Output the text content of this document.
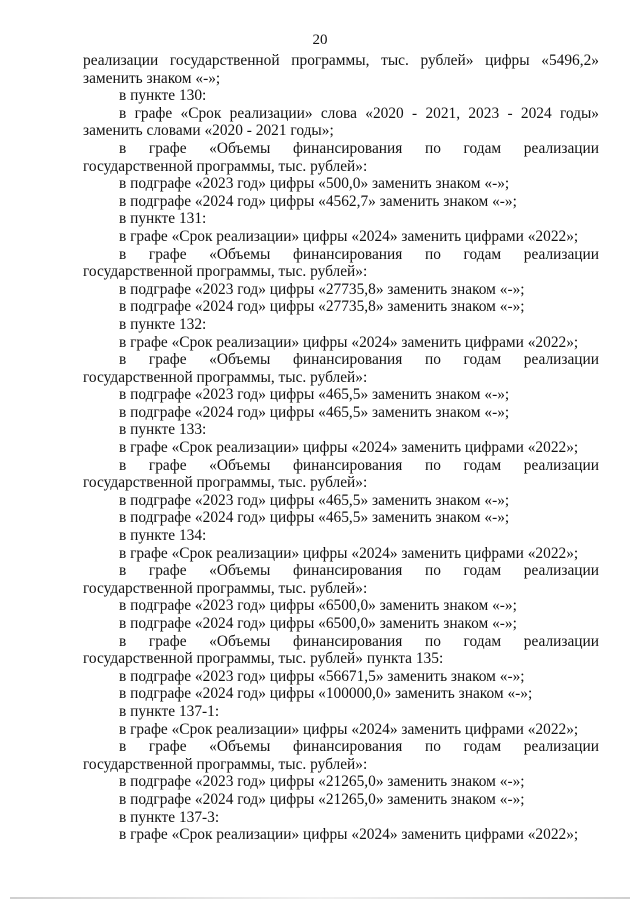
20

реализации государственной программы, тыс. рублей» цифры «5496,2» заменить знаком «-»;

в пункте 130:

в графе «Срок реализации» слова «2020 - 2021, 2023 - 2024 годы» заменить словами «2020 - 2021 годы»;

в графе «Объемы финансирования по годам реализации государственной программы, тыс. рублей»:

в подграфе «2023 год» цифры «500,0» заменить знаком «-»;

в подграфе «2024 год» цифры «4562,7» заменить знаком «-»;

в пункте 131:

в графе «Срок реализации» цифры «2024» заменить цифрами «2022»;

в графе «Объемы финансирования по годам реализации государственной программы, тыс. рублей»:

в подграфе «2023 год» цифры «27735,8» заменить знаком «-»;

в подграфе «2024 год» цифры «27735,8» заменить знаком «-»;

в пункте 132:

в графе «Срок реализации» цифры «2024» заменить цифрами «2022»;

в графе «Объемы финансирования по годам реализации государственной программы, тыс. рублей»:

в подграфе «2023 год» цифры «465,5» заменить знаком «-»;

в подграфе «2024 год» цифры «465,5» заменить знаком «-»;

в пункте 133:

в графе «Срок реализации» цифры «2024» заменить цифрами «2022»;

в графе «Объемы финансирования по годам реализации государственной программы, тыс. рублей»:

в подграфе «2023 год» цифры «465,5» заменить знаком «-»;

в подграфе «2024 год» цифры «465,5» заменить знаком «-»;

в пункте 134:

в графе «Срок реализации» цифры «2024» заменить цифрами «2022»;

в графе «Объемы финансирования по годам реализации государственной программы, тыс. рублей»:

в подграфе «2023 год» цифры «6500,0» заменить знаком «-»;

в подграфе «2024 год» цифры «6500,0» заменить знаком «-»;

в графе «Объемы финансирования по годам реализации государственной программы, тыс. рублей» пункта 135:

в подграфе «2023 год» цифры «56671,5» заменить знаком «-»;

в подграфе «2024 год» цифры «100000,0» заменить знаком «-»;

в пункте 137-1:

в графе «Срок реализации» цифры «2024» заменить цифрами «2022»;

в графе «Объемы финансирования по годам реализации государственной программы, тыс. рублей»:

в подграфе «2023 год» цифры «21265,0» заменить знаком «-»;

в подграфе «2024 год» цифры «21265,0» заменить знаком «-»;

в пункте 137-3:

в графе «Срок реализации» цифры «2024» заменить цифрами «2022»;
